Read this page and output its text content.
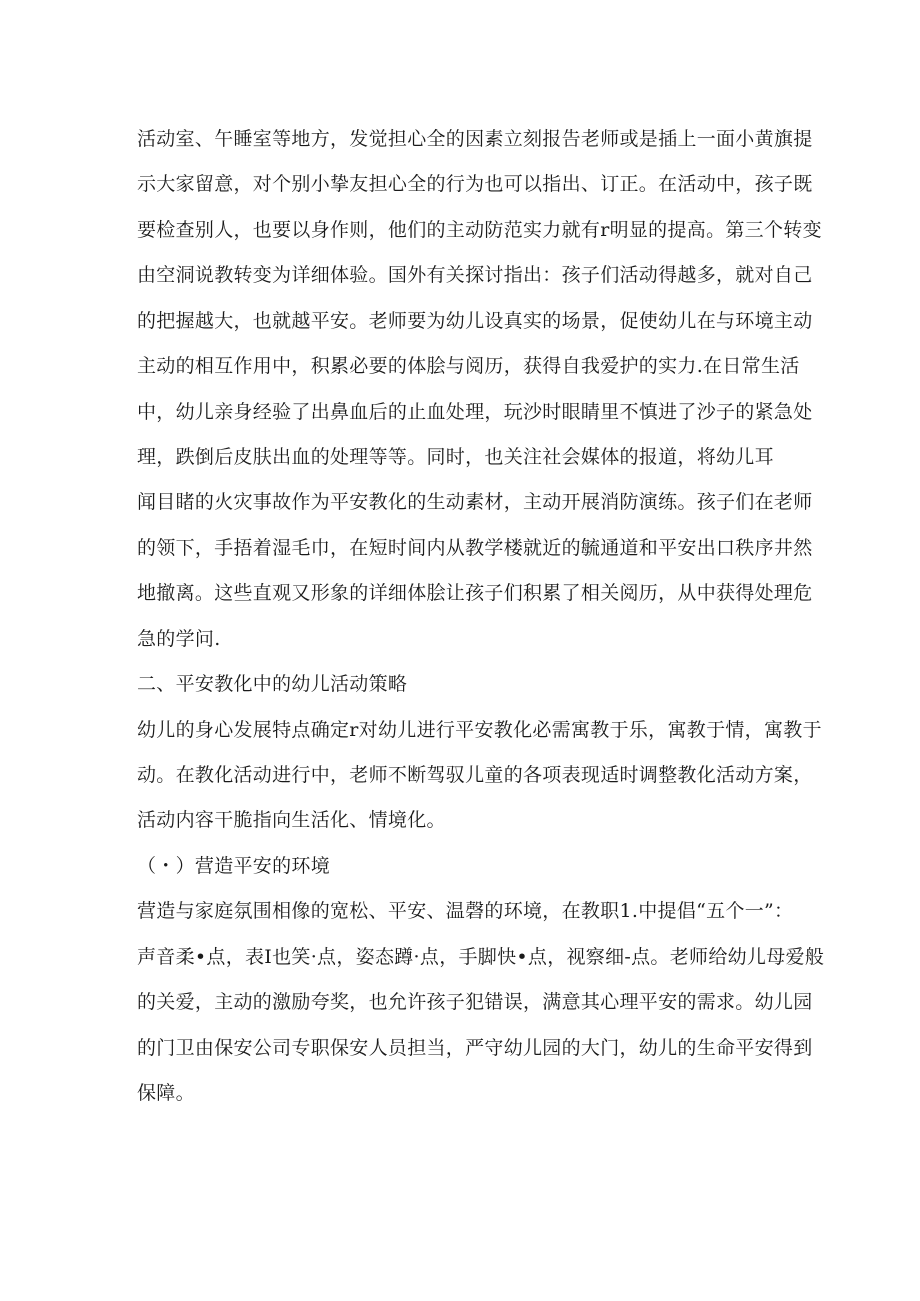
活动室、午睡室等地方，发觉担心全的因素立刻报告老师或是插上一面小黄旗提
示大家留意，对个别小挚友担心全的行为也可以指出、订正。在活动中，孩子既
要检查别人，也要以身作则，他们的主动防范实力就有r明显的提高。第三个转变
由空洞说教转变为详细体验。国外有关探讨指出：孩子们活动得越多，就对自己
的把握越大，也就越平安。老师要为幼儿设真实的场景，促使幼儿在与环境主动
主动的相互作用中，积累必要的体脍与阅历，获得自我爱护的实力.在日常生活
中，幼儿亲身经验了出鼻血后的止血处理，玩沙时眼睛里不慎进了沙子的紧急处
理，跌倒后皮肤出血的处理等等。同时，也关注社会媒体的报道，将幼儿耳
闻目睹的火灾事故作为平安教化的生动素材，主动开展消防演练。孩子们在老师
的领下，手捂着湿毛巾，在短时间内从教学楼就近的毓通道和平安出口秩序井然
地撤离。这些直观又形象的详细体脍让孩子们积累了相关阅历，从中获得处理危
急的学问.
二、平安教化中的幼儿活动策略
幼儿的身心发展特点确定r对幼儿进行平安教化必需寓教于乐，寓教于情，寓教于
动。在教化活动进行中，老师不断驾驭儿童的各项表现适时调整教化活动方案，
活动内容干脆指向生活化、情境化。
（・）营造平安的环境
营造与家庭氛围相像的宽松、平安、温磬的环境，在教职1.中提倡“五个一”：
声音柔•点，表I也笑·点，姿态蹲·点，手脚快•点，视察细-点。老师给幼儿母爱般
的关爱，主动的激励夸奖，也允许孩子犯错误，满意其心理平安的需求。幼儿园
的门卫由保安公司专职保安人员担当，严守幼儿园的大门，幼儿的生命平安得到
保障。
